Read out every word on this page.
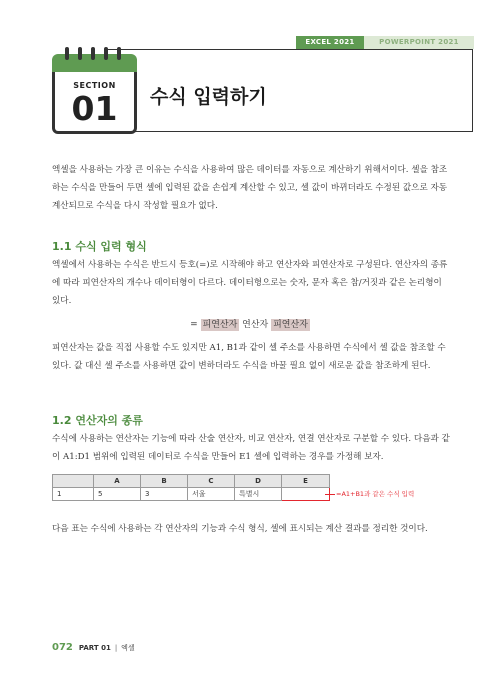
EXCEL 2021	POWERPOINT 2021
수식 입력하기
SECTION
01
엑셀을 사용하는 가장 큰 이유는 수식을 사용하여 많은 데이터를 자동으로 계산하기 위해서이다. 셀을 참조하는 수식을 만들어 두면 셀에 입력된 값을 손쉽게 계산할 수 있고, 셀 값이 바뀌더라도 수정된 값으로 자동 계산되므로 수식을 다시 작성할 필요가 없다.
1.1 수식 입력 형식
엑셀에서 사용하는 수식은 반드시 등호(=)로 시작해야 하고 연산자와 피연산자로 구성된다. 연산자의 종류에 따라 피연산자의 개수나 데이터형이 다르다. 데이터형으로는 숫자, 문자 혹은 참/거짓과 같은 논리형이 있다.
= 피연산자 연산자 피연산자
피연산자는 값을 직접 사용할 수도 있지만 A1, B1과 같이 셀 주소를 사용하면 수식에서 셀 값을 참조할 수 있다. 값 대신 셀 주소를 사용하면 값이 변하더라도 수식을 바꿀 필요 없이 새로운 값을 참조하게 된다.
1.2 연산자의 종류
수식에 사용하는 연산자는 기능에 따라 산술 연산자, 비교 연산자, 연결 연산자로 구분할 수 있다. 다음과 같이 A1:D1 범위에 입력된 데이터로 수식을 만들어 E1 셀에 입력하는 경우를 가정해 보자.
	A	B	C	D	E
1	5	3	서울	특별시		=A1+B1과 같은 수식 입력
다음 표는 수식에 사용하는 각 연산자의 기능과 수식 형식, 셀에 표시되는 계산 결과를 정리한 것이다.
072 PART 01 | 엑셀
